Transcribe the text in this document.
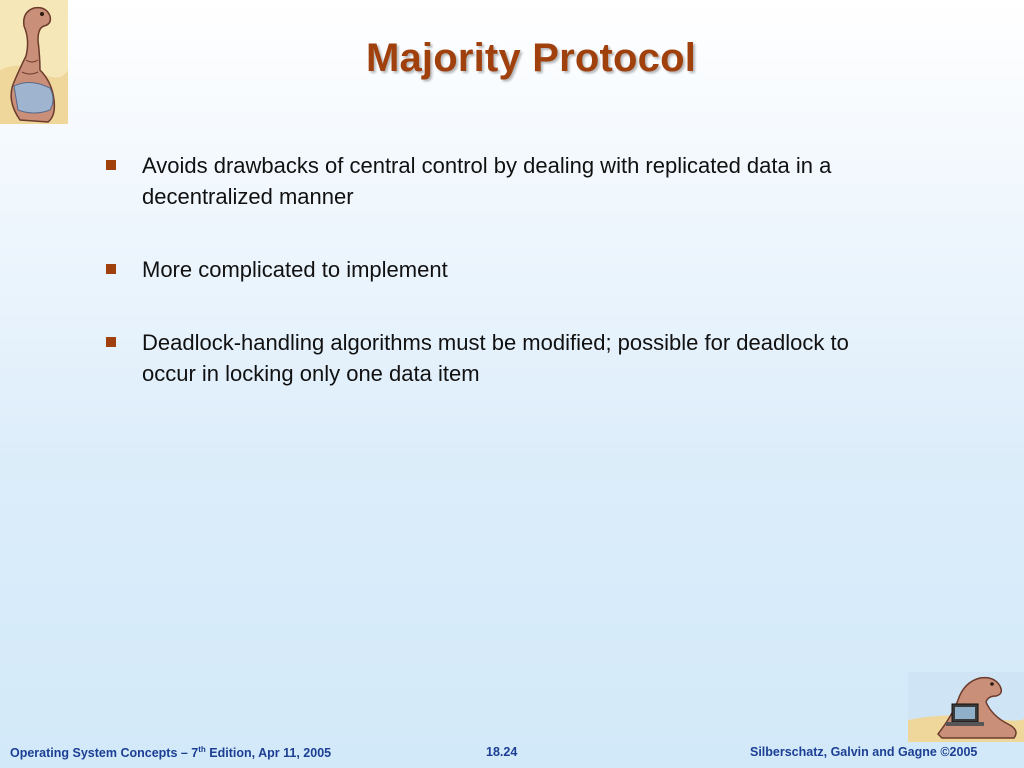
Majority Protocol
Avoids drawbacks of central control by dealing with replicated data in a decentralized manner
More complicated to implement
Deadlock-handling algorithms must be modified; possible for deadlock to occur in locking only one data item
Operating System Concepts – 7th Edition, Apr 11, 2005	18.24	Silberschatz, Galvin and Gagne ©2005
